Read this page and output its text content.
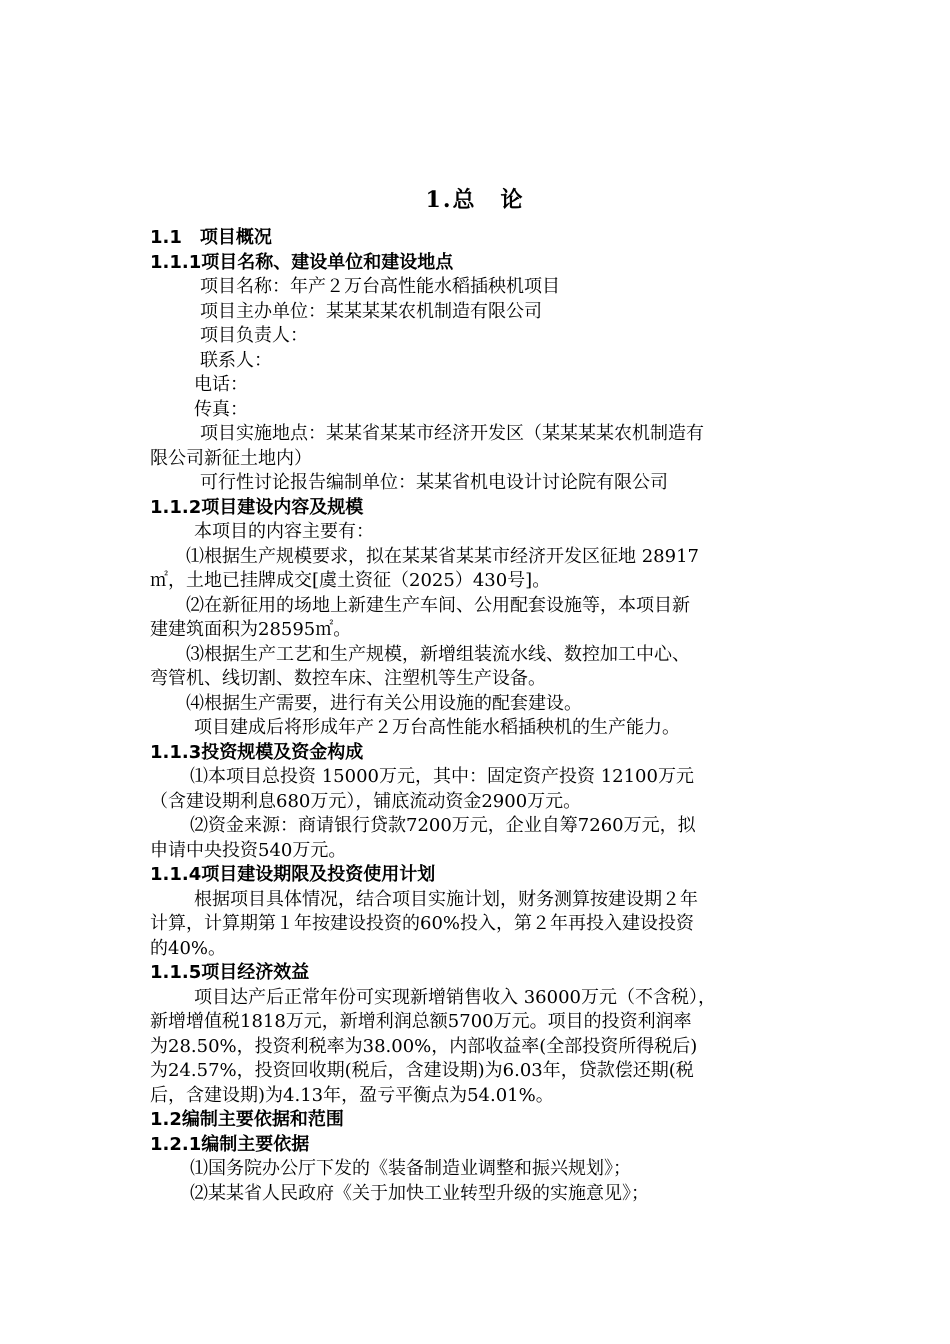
1.总　论
1.1　项目概况
1.1.1项目名称、建设单位和建设地点
项目名称：年产２万台高性能水稻插秧机项目
项目主办单位：某某某某农机制造有限公司
项目负责人：
联系人：
电话：
传真：
项目实施地点：某某省某某市经济开发区（某某某某农机制造有
限公司新征土地内）
可行性讨论报告编制单位：某某省机电设计讨论院有限公司
1.1.2项目建设内容及规模
本项目的内容主要有：
⑴根据生产规模要求，拟在某某省某某市经济开发区征地 28917
㎡，土地已挂牌成交[虞土资征（2025）430号]。
⑵在新征用的场地上新建生产车间、公用配套设施等，本项目新
建建筑面积为28595㎡。
⑶根据生产工艺和生产规模，新增组装流水线、数控加工中心、
弯管机、线切割、数控车床、注塑机等生产设备。
⑷根据生产需要，进行有关公用设施的配套建设。
项目建成后将形成年产２万台高性能水稻插秧机的生产能力。
1.1.3投资规模及资金构成
⑴本项目总投资 15000万元，其中：固定资产投资 12100万元
（含建设期利息680万元），铺底流动资金2900万元。
⑵资金来源：商请银行贷款7200万元，企业自筹7260万元，拟
申请中央投资540万元。
1.1.4项目建设期限及投资使用计划
根据项目具体情况，结合项目实施计划，财务测算按建设期２年
计算，计算期第１年按建设投资的60%投入，第２年再投入建设投资
的40%。
1.1.5项目经济效益
项目达产后正常年份可实现新增销售收入 36000万元（不含税），
新增增值税1818万元，新增利润总额5700万元。项目的投资利润率
为28.50%，投资利税率为38.00%，内部收益率(全部投资所得税后)
为24.57%，投资回收期(税后，含建设期)为6.03年，贷款偿还期(税
后，含建设期)为4.13年，盈亏平衡点为54.01%。
1.2编制主要依据和范围
1.2.1编制主要依据
⑴国务院办公厅下发的《装备制造业调整和振兴规划》；
⑵某某省人民政府《关于加快工业转型升级的实施意见》；
